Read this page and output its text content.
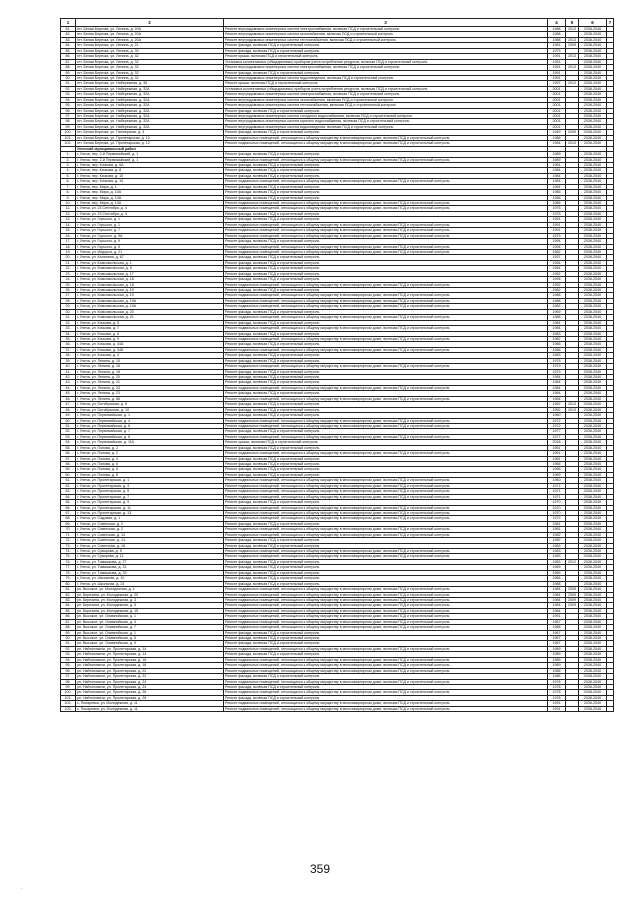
1	2	3	4	5	6	7
81.	пгт. Белая Березка, ул. Ленина, д. 20А	Ремонт внутридомовых инженерных систем электроснабжения, включая ПСД и строительный контроль	1988	2013	2038-2040	
82.	пгт. Белая Березка, ул. Ленина, д. 20А	Ремонт внутридомовых инженерных систем газоснабжения, включая ПСД и строительный контроль	1988		2038-2040	
83.	пгт. Белая Березка, ул. Ленина, д. 20А	Ремонт внутридомовых инженерных систем теплоснабжения, включая ПСД и строительный контроль	1988	2013	2038-2040	
84.	пгт. Белая Березка, ул. Ленина, д. 21	Ремонт фасада, включая ПСД и строительный контроль	1981	2009	2038-2040	
85.	пгт. Белая Березка, ул. Ленина, д. 30	Ремонт фасада, включая ПСД и строительный контроль	1975		2038-2040	
86.	пгт. Белая Березка, ул. Ленина, д. 32	Ремонт крыши, включая ПСД и строительный контроль	1991	2013	2038-2040	
87.	пгт. Белая Березка, ул. Ленина, д. 32	Установка коллективных (общедомовых) приборов учета потребления ресурсов, включая ПСД и строительный контроль	1991		2038-2040	
88.	пгт. Белая Березка, ул. Ленина, д. 32	Ремонт внутридомовых инженерных систем электроснабжения, включая ПСД и строительный контроль	1991	2013	2038-2040	
89.	пгт. Белая Березка, ул. Ленина, д. 32	Ремонт фасада, включая ПСД и строительный контроль	1991		2038-2040	
90.	пгт. Белая Березка, ул. Ленина, д. 32	Ремонт внутридомовых инженерных систем водоотведения, включая ПСД и строительный контроль	1991		2038-2040	
91.	пгт. Белая Березка, ул. Набережная, д. 36	Ремонт крыши, включая ПСД и строительный контроль	1997	2012	2038-2040	
92.	пгт. Белая Березка, ул. Набережная, д. 32А	Установка коллективных (общедомовых) приборов учета потребления ресурсов, включая ПСД и строительный контроль	2001		2038-2040	
93.	пгт. Белая Березка, ул. Набережная, д. 32А	Ремонт внутридомовых инженерных систем электроснабжения, включая ПСД и строительный контроль	2001		2038-2040	
94.	пгт. Белая Березка, ул. Набережная, д. 32А	Ремонт внутридомовых инженерных систем газоснабжения, включая ПСД и строительный контроль	2001		2038-2040	
95.	пгт. Белая Березка, ул. Набережная, д. 32А	Ремонт внутридомовых инженерных систем теплоснабжения, включая ПСД и строительный контроль	2001		2038-2040	
96.	пгт. Белая Березка, ул. Набережная, д. 32А	Ремонт фасада, включая ПСД и строительный контроль	2001		2038-2040	
97.	пгт. Белая Березка, ул. Набережная, д. 32А	Ремонт внутридомовых инженерных систем холодного водоснабжения, включая ПСД и строительный контроль	2001		2038-2040	
98.	пгт. Белая Березка, ул. Набережная, д. 32А	Ремонт внутридомовых инженерных систем горячего водоснабжения, включая ПСД и строительный контроль	2001		2038-2040	
99.	пгт. Белая Березка, ул. Набережная, д. 32А	Ремонт внутридомовых инженерных систем водоотведения, включая ПСД и строительный контроль	2001		2038-2040	
100.	пгт. Белая Березка, ул. Пионерская, д. 4	Ремонт фасада, включая ПСД и строительный контроль	1949	2009	2038-2040	
101.	пгт. Белая Березка, ул. Пролетарская, д. 10	Ремонт подвальных помещений, относящихся к общему имуществу в многоквартирном доме, включая ПСД и строительный контроль	1986		2038-2040	
102.	пгт. Белая Березка, ул. Пролетарская, д. 12	Ремонт подвальных помещений, относящихся к общему имуществу в многоквартирном доме, включая ПСД и строительный контроль	1984	2010	2038-2040	
	Унечский муниципальный район					
1.	г. Унеча, пер. 2-й Первомайский, д. 1	Ремонт фасада, включая ПСД и строительный контроль	1989		2038-2040	
2.	г. Унеча, пер. 2-й Первомайский, д. 1	Ремонт подвальных помещений, относящихся к общему имуществу в многоквартирном доме, включая ПСД и строительный контроль	1989		2038-2040	
3.	г. Унеча, пер. Кочкова, д. 6А	Ремонт фасада, включая ПСД и строительный контроль	1964		2038-2040	
4.	г. Унеча, пер. Кочкова, д. 8	Ремонт фасада, включая ПСД и строительный контроль	1984		2038-2040	
5.	г. Унеча, пер. Кочкова, д. 10	Ремонт фасада, включая ПСД и строительный контроль	1984		2038-2040	
6.	г. Унеча, пер. Кочкова, д. 10	Ремонт подвальных помещений, относящихся к общему имуществу в многоквартирном доме, включая ПСД и строительный контроль	1984		2038-2040	
7.	г. Унеча, пер. Мира, д. 1	Ремонт фасада, включая ПСД и строительный контроль	1964		2038-2040	
8.	г. Унеча, пер. Мира, д. 10А	Ремонт фасада, включая ПСД и строительный контроль	1986		2038-2040	
9.	г. Унеча, пер. Мира, д. 10А	Ремонт фасада, включая ПСД и строительный контроль	1986		2038-2040	
10.	г. Унеча, пер. Мира, д. 10А	Ремонт подвальных помещений, относящихся к общему имуществу в многоквартирном доме, включая ПСД и строительный контроль	1986		2038-2040	
11.	г. Унеча, ул. 23 Сентября, д. 4	Ремонт подвальных помещений, относящихся к общему имуществу в многоквартирном доме, включая ПСД и строительный контроль	1975		2038-2040	
12.	г. Унеча, ул. 23 Сентября, д. 4	Ремонт фасада, включая ПСД и строительный контроль	1975		2038-2040	
13.	г. Унеча, ул. Горького, д. 1	Ремонт фасада, включая ПСД и строительный контроль	1991		2038-2040	
14.	г. Унеча, ул. Горького, д. 1	Ремонт подвальных помещений, относящихся к общему имуществу в многоквартирном доме, включая ПСД и строительный контроль	1991		2038-2040	
15.	г. Унеча, ул. Горького, д. 7	Ремонт подвальных помещений, относящихся к общему имуществу в многоквартирном доме, включая ПСД и строительный контроль	1991		2038-2040	
16.	г. Унеча, ул. Горького, д. 9А	Ремонт подвальных помещений, относящихся к общему имуществу в многоквартирном доме, включая ПСД и строительный контроль	1979		2038-2040	
17.	г. Унеча, ул. Горького, д. 9	Ремонт фасада, включая ПСД и строительный контроль	1994		2038-2040	
18.	г. Унеча, ул. Горького, д. 9	Ремонт подвальных помещений, относящихся к общему имуществу в многоквартирном доме, включая ПСД и строительный контроль	1994		2038-2040	
19.	г. Унеча, ул. Индорса, д. 21	Ремонт подвальных помещений, относящихся к общему имуществу в многоквартирном доме, включая ПСД и строительный контроль	1962		2038-2040	
20.	г. Унеча, ул. Калинина, д. 67	Ремонт фасада, включая ПСД и строительный контроль	1937		2038-2040	
21.	г. Унеча, ул. Комсомольская, д. 1	Ремонт фасада, включая ПСД и строительный контроль	1964		2038-2040	
22.	г. Унеча, ул. Комсомольская, д. 5	Ремонт фасада, включая ПСД и строительный контроль	1964		2038-2040	
23.	г. Унеча, ул. Комсомольская, д. 17	Ремонт фасада, включая ПСД и строительный контроль	1962		2038-2040	
24.	г. Унеча, ул. Комсомольская, д. 18	Ремонт фасада, включая ПСД и строительный контроль	1996		2038-2040	
25.	г. Унеча, ул. Комсомольская, д. 18	Ремонт подвальных помещений, относящихся к общему имуществу в многоквартирном доме, включая ПСД и строительный контроль	1992		2038-2040	
26.	г. Унеча, ул. Комсомольская, д. 19	Ремонт фасада, включая ПСД и строительный контроль	1982		2038-2040	
27.	г. Унеча, ул. Комсомольская, д. 19	Ремонт подвальных помещений, относящихся к общему имуществу в многоквартирном доме, включая ПСД и строительный контроль	1988		2038-2040	
28.	г. Унеча, ул. Комсомольская, д. 19А	Ремонт подвальных помещений, относящихся к общему имуществу в многоквартирном доме, включая ПСД и строительный контроль	1988		2038-2040	
29.	г. Унеча, ул. Комсомольская, д. 19А	Ремонт подвальных помещений, относящихся к общему имуществу в многоквартирном доме, включая ПСД и строительный контроль	1982		2038-2040	
30.	г. Унеча, ул. Комсомольская, д. 20	Ремонт фасада, включая ПСД и строительный контроль	1969		2038-2040	
31.	г. Унеча, ул. Комсомольская, д. 21	Ремонт подвальных помещений, относящихся к общему имуществу в многоквартирном доме, включая ПСД и строительный контроль	1988		2038-2040	
32.	г. Унеча, ул. Кочкова, д. 3	Ремонт фасада, включая ПСД и строительный контроль	1984		2038-2040	
33.	г. Унеча, ул. Кочкова, д. 7	Ремонт подвальных помещений, относящихся к общему имуществу в многоквартирном доме, включая ПСД и строительный контроль	1984		2038-2040	
34.	г. Унеча, ул. Кочкова, д. 8	Ремонт фасада, включая ПСД и строительный контроль	1983		2038-2040	
35.	г. Унеча, ул. Кочкова, д. 9	Ремонт подвальных помещений, относящихся к общему имуществу в многоквартирном доме, включая ПСД и строительный контроль	1982		2038-2040	
36.	г. Унеча, ул. Кочкова, д. 34А	Ремонт фасада, включая ПСД и строительный контроль	1986		2038-2040	
37.	г. Унеча, ул. Кочкова, д. 34Б	Ремонт подвальных помещений, относящихся к общему имуществу в многоквартирном доме, включая ПСД и строительный контроль	1986		2038-2040	
38.	г. Унеча, ул. Кочкова, д. 4	Ремонт фасада, включая ПСД и строительный контроль	1983		2038-2040	
39.	г. Унеча, ул. Ленина, д. 10	Ремонт фасада, включая ПСД и строительный контроль	1975		2038-2040	
40.	г. Унеча, ул. Ленина, д. 16	Ремонт подвальных помещений, относящихся к общему имуществу в многоквартирном доме, включая ПСД и строительный контроль	1979		2038-2040	
41.	г. Унеча, ул. Ленина, д. 18	Ремонт фасада, включая ПСД и строительный контроль	1979		2038-2040	
42.	г. Унеча, ул. Ленина, д. 20	Ремонт фасада, включая ПСД и строительный контроль	1984		2038-2040	
43.	г. Унеча, ул. Ленина, д. 21	Ремонт фасада, включая ПСД и строительный контроль	1984		2038-2040	
44.	г. Унеча, ул. Ленина, д. 23	Ремонт подвальных помещений, относящихся к общему имуществу в многоквартирном доме, включая ПСД и строительный контроль	1984		2038-2040	
45.	г. Унеча, ул. Ленина, д. 23	Ремонт фасада, включая ПСД и строительный контроль	1984		2038-2040	
46.	г. Унеча, ул. Ленина, д. 88	Ремонт подвальных помещений, относящихся к общему имуществу в многоквартирном доме, включая ПСД и строительный контроль	1964		2038-2040	
47.	г. Унеча, ул. Октябрьская, д. 8	Ремонт фасада, включая ПСД и строительный контроль	1952	2013	2038-2040	
48.	г. Унеча, ул. Октябрьская, д. 10	Ремонт фасада, включая ПСД и строительный контроль	1952	2013	2038-2040	
49.	г. Унеча, ул. Первомайская, д. 1	Ремонт фасада, включая ПСД и строительный контроль	1960		2038-2040	
50.	г. Унеча, ул. Первомайская, д. 4	Ремонт подвальных помещений, относящихся к общему имуществу в многоквартирном доме, включая ПСД и строительный контроль	1972		2038-2040	
51.	г. Унеча, ул. Первомайская, д. 6	Ремонт подвальных помещений, относящихся к общему имуществу в многоквартирном доме, включая ПСД и строительный контроль	1972		2038-2040	
52.	г. Унеча, ул. Первомайская, д. 7	Ремонт фасада, включая ПСД и строительный контроль	1977		2038-2040	
53.	г. Унеча, ул. Первомайская, д. 8	Ремонт подвальных помещений, относящихся к общему имуществу в многоквартирном доме, включая ПСД и строительный контроль	1977		2038-2040	
54.	г. Унеча, ул. Первомайская, д. 11А	Ремонт крыши, включая ПСД и строительный контроль	2018		2038-2040	
55.	г. Унеча, ул. Попова, д. 2	Ремонт фасада, включая ПСД и строительный контроль	1961		2038-2040	
56.	г. Унеча, ул. Попова, д. 2	Ремонт подвальных помещений, относящихся к общему имуществу в многоквартирном доме, включая ПСД и строительный контроль	1961		2038-2040	
57.	г. Унеча, ул. Попова, д. 4	Ремонт фасада, включая ПСД и строительный контроль	1961		2038-2040	
58.	г. Унеча, ул. Попова, д. 6	Ремонт фасада, включая ПСД и строительный контроль	1966		2038-2040	
59.	г. Унеча, ул. Попова, д. 6	Ремонт фасада, включая ПСД и строительный контроль	1966		2038-2040	
60.	г. Унеча, ул. Попова, д. 8	Ремонт фасада, включая ПСД и строительный контроль	1969		2038-2040	
61.	г. Унеча, ул. Пролетарская, д. 1	Ремонт подвальных помещений, относящихся к общему имуществу в многоквартирном доме, включая ПСД и строительный контроль	1960		2038-2040	
62.	г. Унеча, ул. Пролетарская, д. 3	Ремонт подвальных помещений, относящихся к общему имуществу в многоквартирном доме, включая ПСД и строительный контроль	1971		2038-2040	
63.	г. Унеча, ул. Пролетарская, д. 5	Ремонт подвальных помещений, относящихся к общему имуществу в многоквартирном доме, включая ПСД и строительный контроль	1971		2038-2040	
64.	г. Унеча, ул. Пролетарская, д. 7	Ремонт подвальных помещений, относящихся к общему имуществу в многоквартирном доме, включая ПСД и строительный контроль	1971		2038-2040	
65.	г. Унеча, ул. Пролетарская, д. 9	Ремонт фасада, включая ПСД и строительный контроль	1970		2038-2040	
66.	г. Унеча, ул. Пролетарская, д. 11	Ремонт подвальных помещений, относящихся к общему имуществу в многоквартирном доме, включая ПСД и строительный контроль	1970		2038-2040	
67.	г. Унеча, ул. Пролетарская, д. 13	Ремонт подвальных помещений, относящихся к общему имуществу в многоквартирном доме, включая ПСД и строительный контроль	1970		2038-2040	
68.	г. Унеча, ул. Садовая, д. 1	Ремонт подвальных помещений, относящихся к общему имуществу в многоквартирном доме, включая ПСД и строительный контроль	1972		2038-2040	
69.	г. Унеча, ул. Советская, д. 2	Ремонт фасада, включая ПСД и строительный контроль	1981		2038-2040	
70.	г. Унеча, ул. Советская, д. 2	Ремонт подвальных помещений, относящихся к общему имуществу в многоквартирном доме, включая ПСД и строительный контроль	1981		2038-2040	
71.	г. Унеча, ул. Советская, д. 14	Ремонт подвальных помещений, относящихся к общему имуществу в многоквартирном доме, включая ПСД и строительный контроль	1982		2038-2040	
72.	г. Унеча, ул. Советская, д. 14	Ремонт фасада, включая ПСД и строительный контроль	1982		2038-2040	
73.	г. Унеча, ул. Советская, д. 18	Ремонт фасада, включая ПСД и строительный контроль	1983		2038-2040	
74.	г. Унеча, ул. Суворова, д. 5	Ремонт подвальных помещений, относящихся к общему имуществу в многоквартирном доме, включая ПСД и строительный контроль	1983		2038-2040	
75.	г. Унеча, ул. Суворова, д. 11	Ремонт подвальных помещений, относящихся к общему имуществу в многоквартирном доме, включая ПСД и строительный контроль	1983		2038-2040	
76.	г. Унеча, ул. Тимашкова, д. 27	Ремонт фасада, включая ПСД и строительный контроль	1983	2012	2038-2040	
77.	г. Унеча, ул. Тимашкова, д. 31	Ремонт фасада, включая ПСД и строительный контроль	1969		2038-2040	
78.	г. Унеча, ул. Тимашкова, д. 33	Ремонт фасада, включая ПСД и строительный контроль	1969		2038-2040	
79.	г. Унеча, ул. Школьная, д. 10	Ремонт фасада, включая ПСД и строительный контроль	1966		2038-2040	
80.	г. Унеча, ул. Школьная, д. 24	Ремонт фасада, включая ПСД и строительный контроль	1988		2038-2040	
81.	рп. Высокое, ул. Молодежная, д. 1	Ремонт подвальных помещений, относящихся к общему имуществу в многоквартирном доме, включая ПСД и строительный контроль	1984	2009	2038-2040	
82.	рп. Березина, ул. Молодежная, д. 20	Ремонт подвальных помещений, относящихся к общему имуществу в многоквартирном доме, включая ПСД и строительный контроль	1984	2009	2038-2040	
83.	рп. Березина, ул. Молодежная, д. 3	Ремонт подвальных помещений, относящихся к общему имуществу в многоквартирном доме, включая ПСД и строительный контроль	1984	2009	2038-2040	
84.	рп. Березина, ул. Молодежная, д. 5	Ремонт подвальных помещений, относящихся к общему имуществу в многоквартирном доме, включая ПСД и строительный контроль	1984	2009	2038-2040	
85.	рп. Березина, ул. Молодежная, д. 15	Ремонт подвальных помещений, относящихся к общему имуществу в многоквартирном доме, включая ПСД и строительный контроль	1984		2038-2040	
86.	рп. Высокое, ул. Олимпийская, д. 1	Ремонт подвальных помещений, относящихся к общему имуществу в многоквартирном доме, включая ПСД и строительный контроль	1991		2038-2040	
87.	рп. Высокое, ул. Олимпийская, д. 3	Ремонт подвальных помещений, относящихся к общему имуществу в многоквартирном доме, включая ПСД и строительный контроль	1967		2038-2040	
88.	рп. Высокое, ул. Олимпийская, д. 7	Ремонт подвальных помещений, относящихся к общему имуществу в многоквартирном доме, включая ПСД и строительный контроль	1968		2038-2040	
89.	рп. Высокое, ул. Олимпийская, д. 1	Ремонт фасада, включая ПСД и строительный контроль	1967		2038-2040	
90.	рп. Высокое, ул. Олимпийская, д. 5	Ремонт фасада, включая ПСД и строительный контроль	1967		2038-2040	
91.	рп. Высокое, ул. Олимпийская, д. 9	Ремонт фасада, включая ПСД и строительный контроль	1967		2038-2040	
92.	рп. Найтоповичи, ул. Пролетарская, д. 14	Ремонт подвальных помещений, относящихся к общему имуществу в многоквартирном доме, включая ПСД и строительный контроль	1989		2038-2040	
93.	рп. Найтоповичи, ул. Пролетарская, д. 14	Ремонт фасада, включая ПСД и строительный контроль	1989		2038-2040	
94.	рп. Найтоповичи, ул. Пролетарская, д. 16	Ремонт подвальных помещений, относящихся к общему имуществу в многоквартирном доме, включая ПСД и строительный контроль	1989		2038-2040	
95.	рп. Найтоповичи, ул. Пролетарская, д. 18	Ремонт подвальных помещений, относящихся к общему имуществу в многоквартирном доме, включая ПСД и строительный контроль	1989		2038-2040	
96.	рп. Найтоповичи, ул. Пролетарская, д. 22	Ремонт подвальных помещений, относящихся к общему имуществу в многоквартирном доме, включая ПСД и строительный контроль	1986		2038-2040	
97.	рп. Найтоповичи, ул. Пролетарская, д. 22	Ремонт фасада, включая ПСД и строительный контроль	1986		2038-2040	
98.	рп. Найтоповичи, ул. Пролетарская, д. 24	Ремонт подвальных помещений, относящихся к общему имуществу в многоквартирном доме, включая ПСД и строительный контроль	1978		2038-2040	
99.	рп. Найтоповичи, ул. Пролетарская, д. 24	Ремонт фасада, включая ПСД и строительный контроль	1978		2038-2040	
100.	рп. Найтоповичи, ул. Пролетарская, д. 26	Ремонт подвальных помещений, относящихся к общему имуществу в многоквартирном доме, включая ПСД и строительный контроль	1978		2038-2040	
101.	рп. Найтоповичи, ул. Пролетарская, д. 26	Ремонт фасада, включая ПСД и строительный контроль	1978		2038-2040	
102.	с. Писаревка, ул. Молодежная, д. 11	Ремонт подвальных помещений, относящихся к общему имуществу в многоквартирном доме, включая ПСД и строительный контроль	1991		2038-2040	
103.	с. Писаревка, ул. Молодежная, д. 11	Ремонт подвальных помещений, относящихся к общему имуществу в многоквартирном доме, включая ПСД и строительный контроль	1991		2038-2040	
359
·
